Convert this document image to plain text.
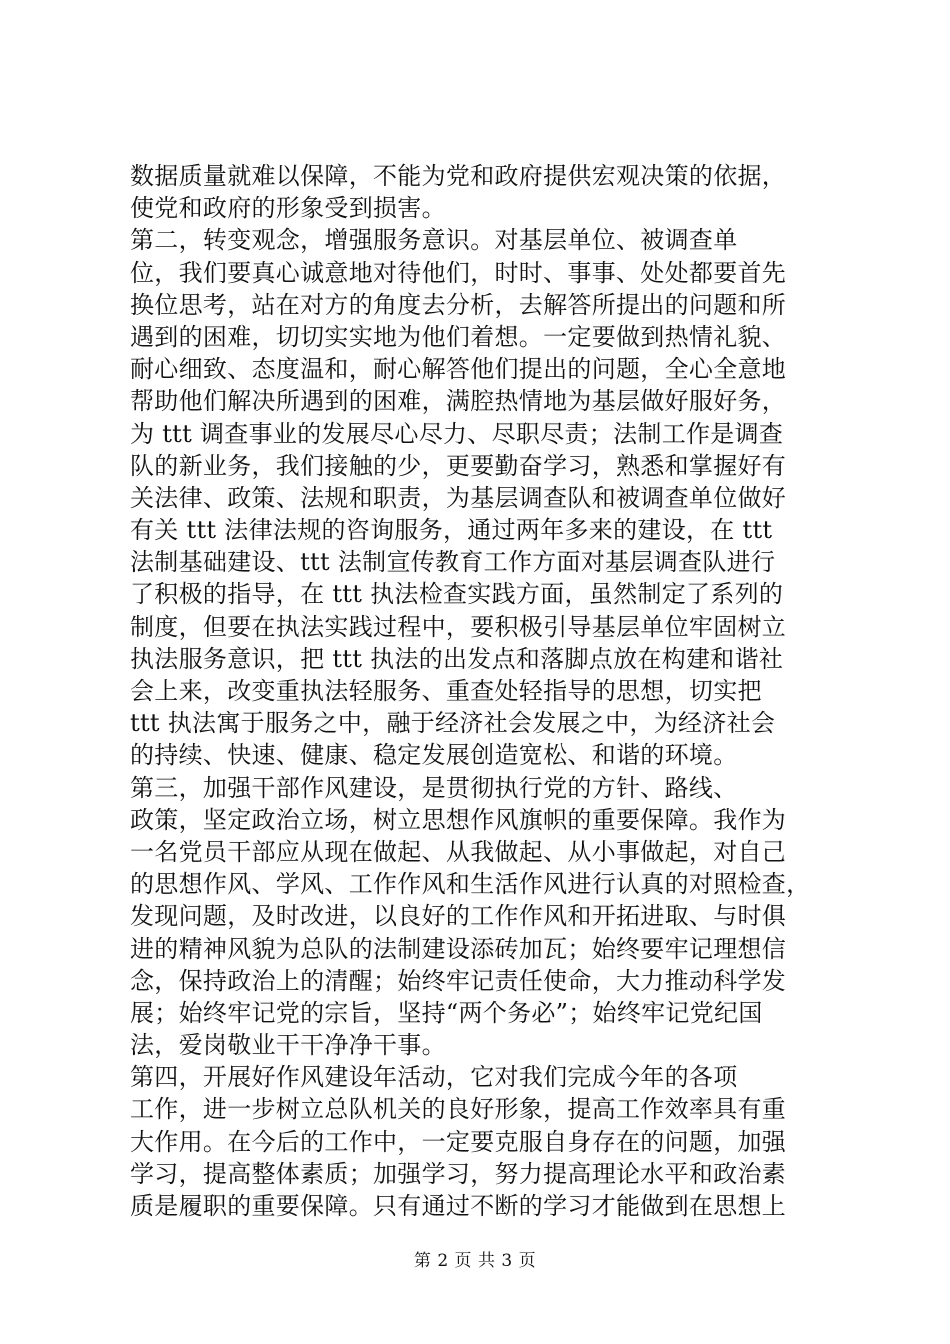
数据质量就难以保障，不能为党和政府提供宏观决策的依据，
使党和政府的形象受到损害。
第二，转变观念，增强服务意识。对基层单位、被调查单
位，我们要真心诚意地对待他们，时时、事事、处处都要首先
换位思考，站在对方的角度去分析，去解答所提出的问题和所
遇到的困难，切切实实地为他们着想。一定要做到热情礼貌、
耐心细致、态度温和，耐心解答他们提出的问题，全心全意地
帮助他们解决所遇到的困难，满腔热情地为基层做好服好务，
为 ttt 调查事业的发展尽心尽力、尽职尽责；法制工作是调查
队的新业务，我们接触的少，更要勤奋学习，熟悉和掌握好有
关法律、政策、法规和职责，为基层调查队和被调查单位做好
有关 ttt 法律法规的咨询服务，通过两年多来的建设，在 ttt
法制基础建设、ttt 法制宣传教育工作方面对基层调查队进行
了积极的指导，在 ttt 执法检查实践方面，虽然制定了系列的
制度，但要在执法实践过程中，要积极引导基层单位牢固树立
执法服务意识，把 ttt 执法的出发点和落脚点放在构建和谐社
会上来，改变重执法轻服务、重查处轻指导的思想，切实把
ttt 执法寓于服务之中，融于经济社会发展之中，为经济社会
的持续、快速、健康、稳定发展创造宽松、和谐的环境。
第三，加强干部作风建设，是贯彻执行党的方针、路线、
政策，坚定政治立场，树立思想作风旗帜的重要保障。我作为
一名党员干部应从现在做起、从我做起、从小事做起，对自己
的思想作风、学风、工作作风和生活作风进行认真的对照检查，
发现问题，及时改进，以良好的工作作风和开拓进取、与时俱
进的精神风貌为总队的法制建设添砖加瓦；始终要牢记理想信
念，保持政治上的清醒；始终牢记责任使命，大力推动科学发
展；始终牢记党的宗旨，坚持“两个务必”；始终牢记党纪国
法，爱岗敬业干干净净干事。
第四，开展好作风建设年活动，它对我们完成今年的各项
工作，进一步树立总队机关的良好形象，提高工作效率具有重
大作用。在今后的工作中，一定要克服自身存在的问题，加强
学习，提高整体素质；加强学习，努力提高理论水平和政治素
质是履职的重要保障。只有通过不断的学习才能做到在思想上
第 2 页 共 3 页
